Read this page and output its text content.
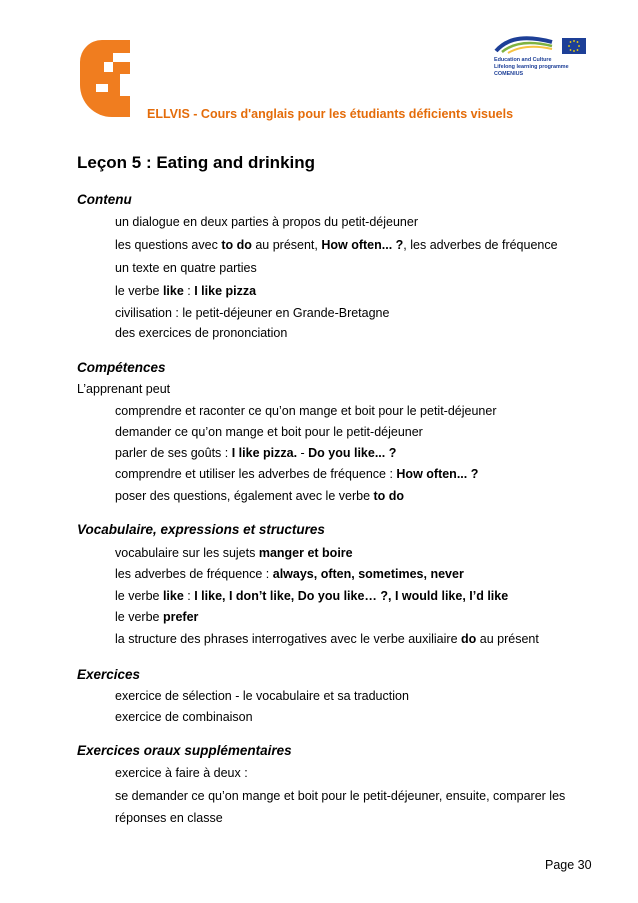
Education and Culture
Lifelong learning programme
COMENIUS
ELLVIS - Cours d'anglais pour les étudiants déficients visuels
Leçon 5 : Eating and drinking
Contenu
un dialogue en deux parties à propos du petit-déjeuner
les questions avec to do au présent, How often... ?, les adverbes de fréquence
un texte en quatre parties
le verbe like : I like pizza
civilisation : le petit-déjeuner en Grande-Bretagne
des exercices de prononciation
Compétences
L’apprenant peut
comprendre et raconter ce qu’on mange et boit pour le petit-déjeuner
demander ce qu’on mange et boit pour le petit-déjeuner
parler de ses goûts : I like pizza. - Do you like... ?
comprendre et utiliser les adverbes de fréquence : How often... ?
poser des questions, également avec le verbe to do
Vocabulaire, expressions et structures
vocabulaire sur les sujets manger et boire
les adverbes de fréquence : always, often, sometimes, never
le verbe like : I like, I don’t like, Do you like… ?, I would like, I’d like
le verbe prefer
la structure des phrases interrogatives avec le verbe auxiliaire do au présent
Exercices
exercice de sélection - le vocabulaire et sa traduction
exercice de combinaison
Exercices oraux supplémentaires
exercice à faire à deux :
se demander ce qu’on mange et boit pour le petit-déjeuner, ensuite, comparer les
réponses en classe
Page 30
